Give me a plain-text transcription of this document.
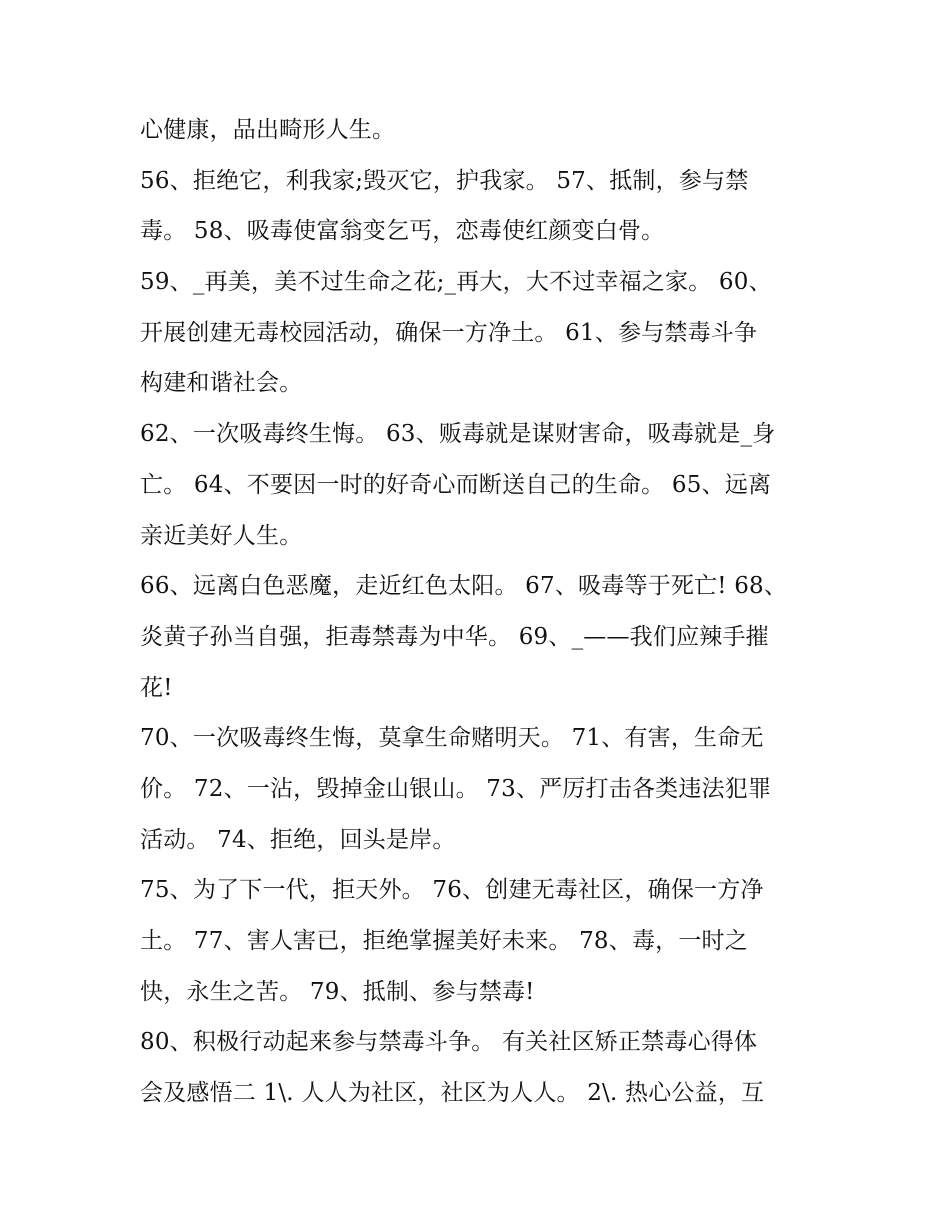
心健康，品出畸形人生。
56、拒绝它，利我家;毁灭它，护我家。 57、抵制，参与禁
毒。 58、吸毒使富翁变乞丐，恋毒使红颜变白骨。
59、_再美，美不过生命之花;_再大，大不过幸福之家。 60、
开展创建无毒校园活动，确保一方净土。 61、参与禁毒斗争
构建和谐社会。
62、一次吸毒终生悔。 63、贩毒就是谋财害命，吸毒就是_身
亡。 64、不要因一时的好奇心而断送自己的生命。 65、远离
亲近美好人生。
66、远离白色恶魔，走近红色太阳。 67、吸毒等于死亡! 68、
炎黄子孙当自强，拒毒禁毒为中华。 69、_——我们应辣手摧
花!
70、一次吸毒终生悔，莫拿生命赌明天。 71、有害，生命无
价。 72、一沾，毁掉金山银山。 73、严厉打击各类违法犯罪
活动。 74、拒绝，回头是岸。
75、为了下一代，拒天外。 76、创建无毒社区，确保一方净
土。 77、害人害已，拒绝掌握美好未来。 78、毒，一时之
快，永生之苦。 79、抵制、参与禁毒!
80、积极行动起来参与禁毒斗争。 有关社区矫正禁毒心得体
会及感悟二 1\. 人人为社区，社区为人人。 2\. 热心公益，互
